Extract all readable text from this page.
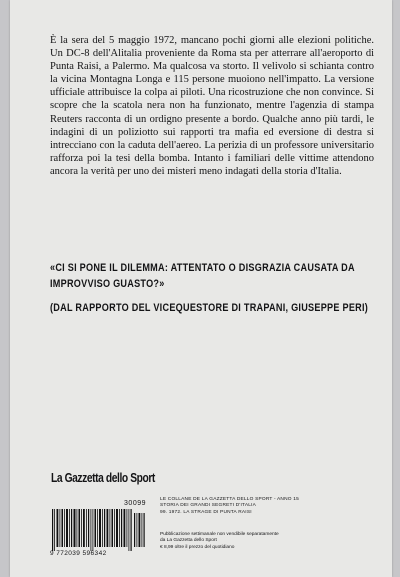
È la sera del 5 maggio 1972, mancano pochi giorni alle elezioni politiche. Un DC-8 dell'Alitalia proveniente da Roma sta per atterrare all'aeroporto di Punta Raisi, a Palermo. Ma qualcosa va storto. Il velivolo si schianta contro la vicina Montagna Longa e 115 persone muoiono nell'impatto. La versione ufficiale attribuisce la colpa ai piloti. Una ricostruzione che non convince. Si scopre che la scatola nera non ha funzionato, mentre l'agenzia di stampa Reuters racconta di un ordigno presente a bordo. Qualche anno più tardi, le indagini di un poliziotto sui rapporti tra mafia ed eversione di destra si intrecciano con la caduta dell'aereo. La perizia di un professore universitario rafforza poi la tesi della bomba. Intanto i familiari delle vittime attendono ancora la verità per uno dei misteri meno indagati della storia d'Italia.

«CI SI PONE IL DILEMMA: ATTENTATO O DISGRAZIA CAUSATA DA IMPROVVISO GUASTO?»

(DAL RAPPORTO DEL VICEQUESTORE DI TRAPANI, GIUSEPPE PERI)

La Gazzetta dello Sport
30099
9 772039 596342
LE COLLANE DE LA GAZZETTA DELLO SPORT - ANNO 15
STORIA DEI GRANDI SEGRETI D'ITALIA
99. 1972. LA STRAGE DI PUNTA RAISI
Pubblicazione settimanale non vendibile separatamente
da La Gazzetta dello Sport
€ 8,99 oltre il prezzo del quotidiano
